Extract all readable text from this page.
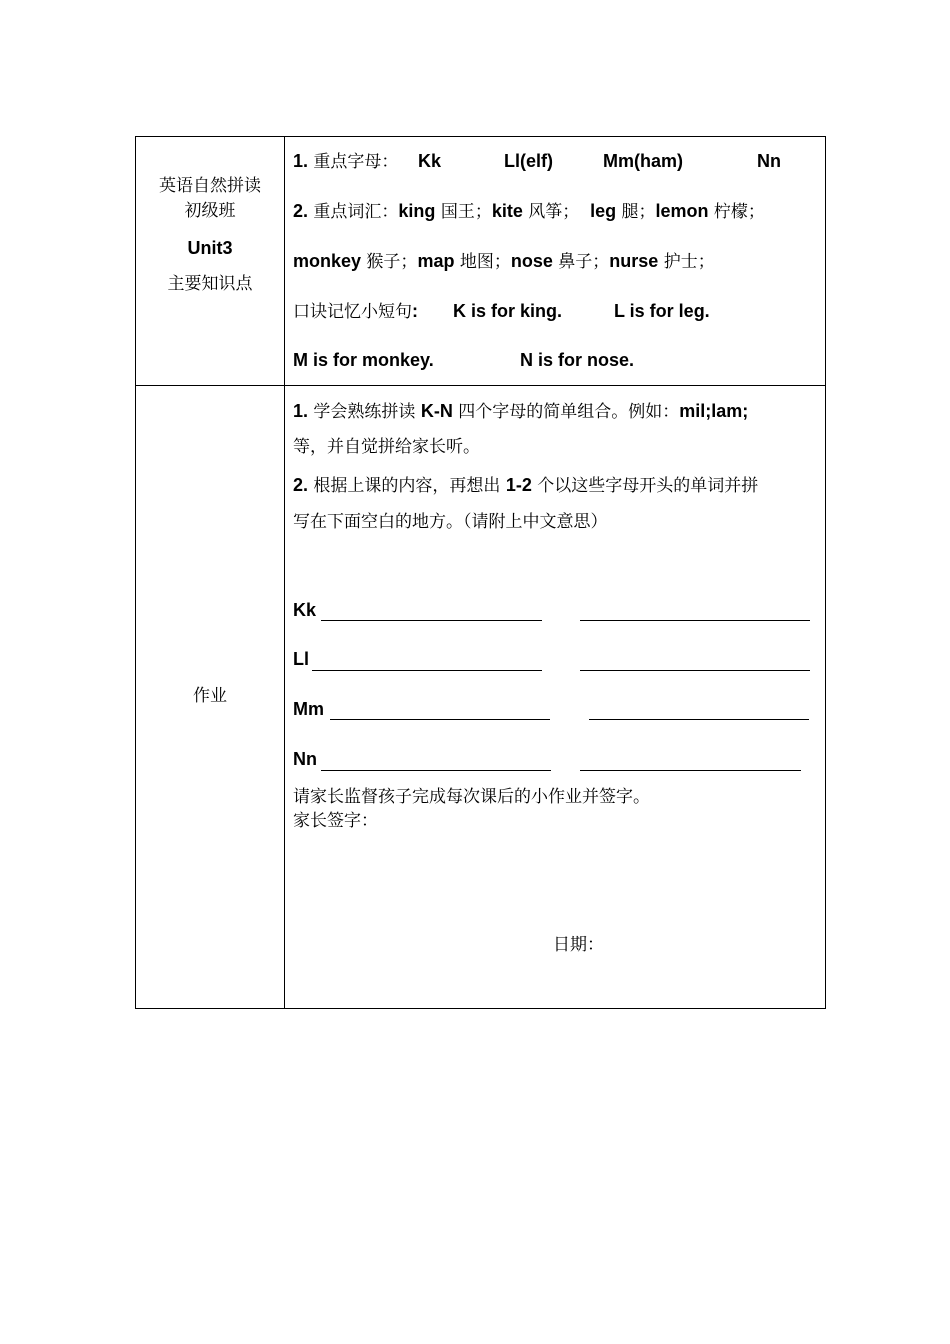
英语自然拼读
初级班
Unit3
主要知识点
1. 重点字母： Kk	Ll(elf)	Mm(ham)	Nn
2. 重点词汇：king 国王；kite 风筝； leg 腿；lemon 柠檬；
monkey 猴子；map 地图；nose 鼻子；nurse 护士；
口诀记忆小短句: K is for king.	L is for leg.
M is for monkey.	N is for nose.
作业
1. 学会熟练拼读 K-N 四个字母的简单组合。例如：mil;lam;
等，并自觉拼给家长听。
2. 根据上课的内容，再想出 1-2 个以这些字母开头的单词并拼
写在下面空白的地方。（请附上中文意思）
Kk
Ll
Mm
Nn
请家长监督孩子完成每次课后的小作业并签字。
家长签字：
日期：
